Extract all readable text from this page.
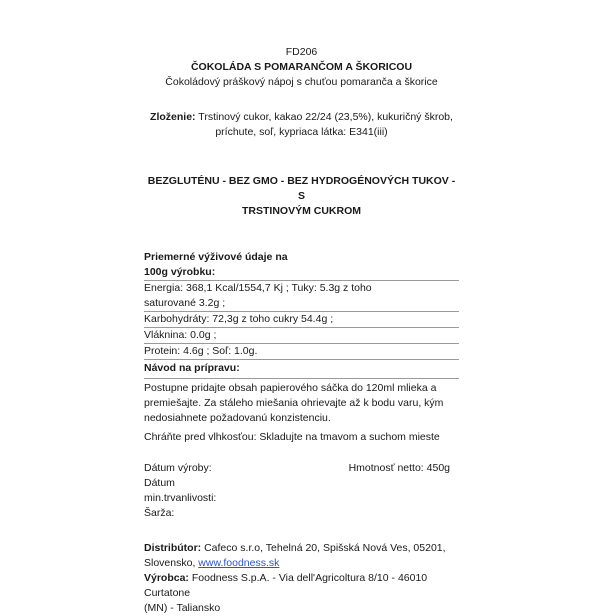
FD206
ČOKOLÁDA S POMARANČOM A ŠKORICOU
Čokoládový práškový nápoj s chuťou pomaranča a škorice
Zloženie: Trstinový cukor, kakao 22/24 (23,5%), kukuričný škrob,
príchute, soľ, kypriaca látka: E341(iii)
BEZGLUTÉNU - BEZ GMO - BEZ HYDROGÉNOVÝCH TUKOV - S
TRSTINOVÝM CUKROM
Priemerné výživové údaje na
100g výrobku:
Energia: 368,1 Kcal/1554,7 Kj ; Tuky: 5.3g z toho
saturované 3.2g ;
Karbohydráty: 72,3g z toho cukry 54.4g ;
Vláknina: 0.0g ;
Protein: 4.6g ; Soľ: 1.0g.
Návod na prípravu:
Postupne pridajte obsah papierového sáčka do 120ml mlieka a
premiešajte. Za stáleho miešania ohrievajte až k bodu varu, kým
nedosiahnete požadovanú konzistenciu.
Chráňte pred vlhkosťou: Skladujte na tmavom a suchom mieste
Dátum výroby:
Dátum
min.trvanlivosti:
Šarža:
Hmotnosť netto: 450g
Distribútor: Cafeco s.r.o, Tehelná 20, Spišská Nová Ves, 05201,
Slovensko, www.foodness.sk
Výrobca: Foodness S.p.A. - Via dell'Agricoltura 8/10 - 46010 Curtatone
(MN) - Taliansko
